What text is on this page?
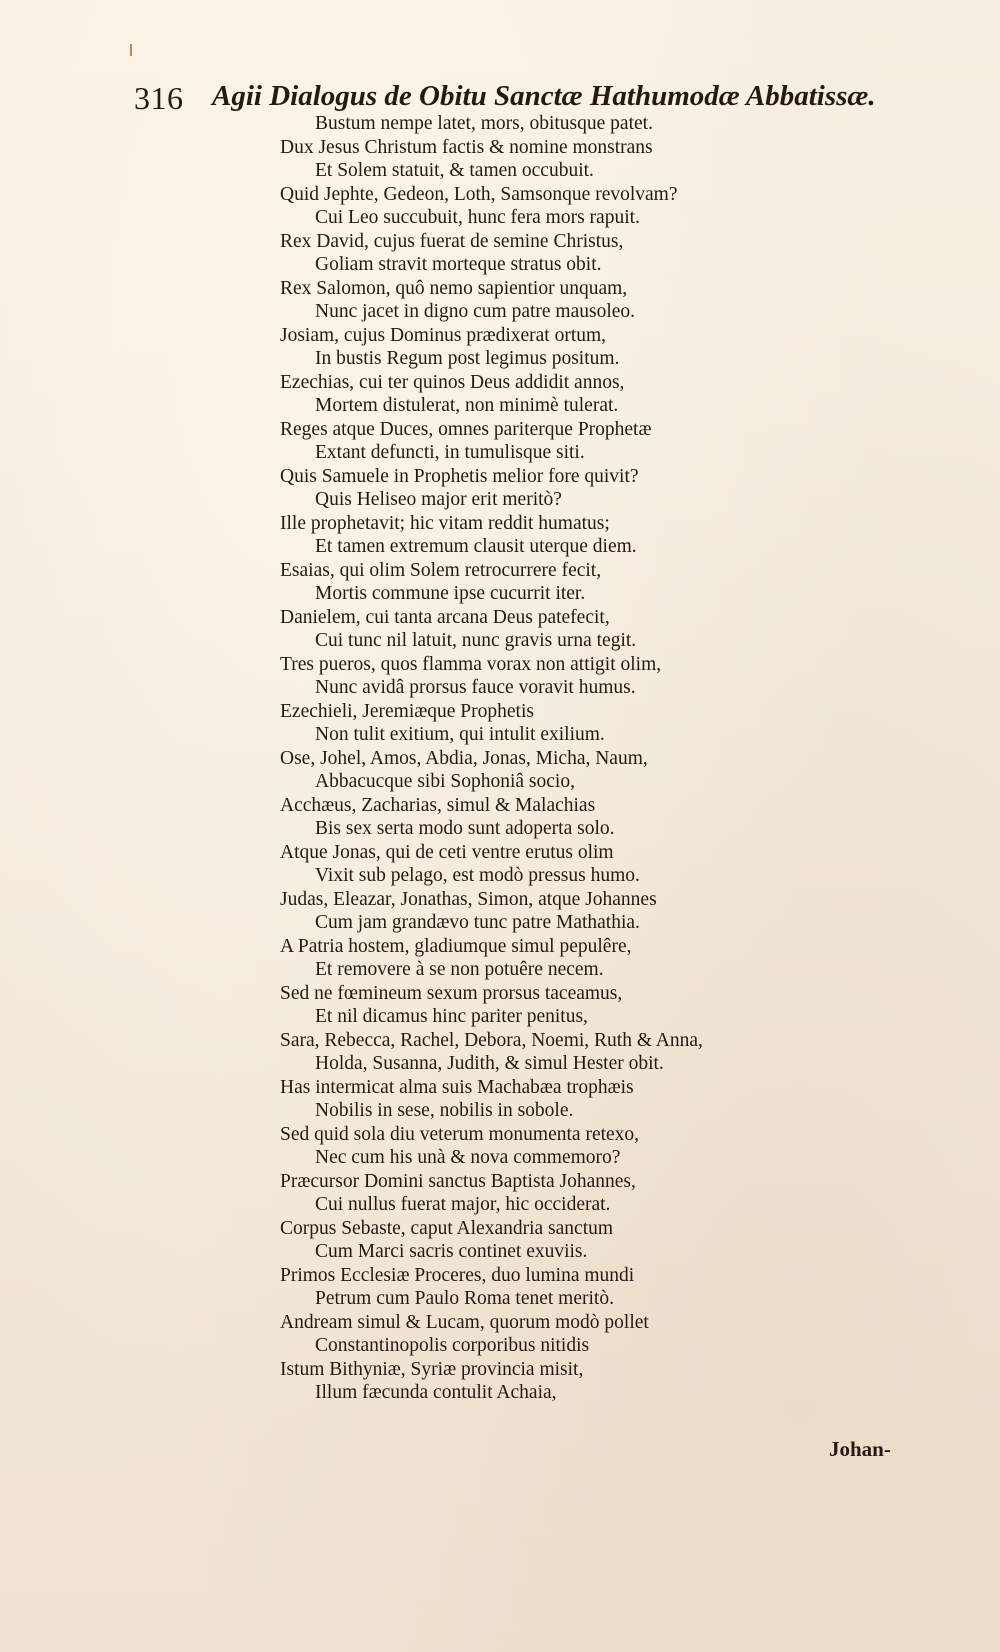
316 Agii Dialogus de Obitu Sanctæ Hathumodæ Abbatissæ.
Bustum nempe latet, mors, obitusque patet.
Dux Jesus Christum factis & nomine monstrans
Et Solem statuit, & tamen occubuit.
Quid Jephte, Gedeon, Loth, Samsonque revolvam?
Cui Leo succubuit, hunc fera mors rapuit.
Rex David, cujus fuerat de semine Christus,
Goliam stravit morteque stratus obit.
Rex Salomon, quô nemo sapientior unquam,
Nunc jacet in digno cum patre mausoleo.
Josiam, cujus Dominus prædixerat ortum,
In bustis Regum post legimus positum.
Ezechias, cui ter quinos Deus addidit annos,
Mortem distulerat, non minimè tulerat.
Reges atque Duces, omnes pariterque Prophetæ
Extant defuncti, in tumulisque siti.
Quis Samuele in Prophetis melior fore quivit?
Quis Heliseo major erit meritò?
Ille prophetavit; hic vitam reddit humatus;
Et tamen extremum clausit uterque diem.
Esaias, qui olim Solem retrocurrere fecit,
Mortis commune ipse cucurrit iter.
Danielem, cui tanta arcana Deus patefecit,
Cui tunc nil latuit, nunc gravis urna tegit.
Tres pueros, quos flamma vorax non attigit olim,
Nunc avidâ prorsus fauce voravit humus.
Ezechieli, Jeremiæque Prophetis
Non tulit exitium, qui intulit exilium.
Ose, Johel, Amos, Abdia, Jonas, Micha, Naum,
Abbacucque sibi Sophoniâ socio,
Acchæus, Zacharias, simul & Malachias
Bis sex serta modo sunt adoperta solo.
Atque Jonas, qui de ceti ventre erutus olim
Vixit sub pelago, est modò pressus humo.
Judas, Eleazar, Jonathas, Simon, atque Johannes
Cum jam grandævo tunc patre Mathathia.
A Patria hostem, gladiumque simul pepulêre,
Et removere à se non potuêre necem.
Sed ne fœmineum sexum prorsus taceamus,
Et nil dicamus hinc pariter penitus,
Sara, Rebecca, Rachel, Debora, Noemi, Ruth & Anna,
Holda, Susanna, Judith, & simul Hester obit.
Has intermicat alma suis Machabæa trophæis
Nobilis in sese, nobilis in sobole.
Sed quid sola diu veterum monumenta retexo,
Nec cum his unà & nova commemoro?
Præcursor Domini sanctus Baptista Johannes,
Cui nullus fuerat major, hic occiderat.
Corpus Sebaste, caput Alexandria sanctum
Cum Marci sacris continet exuviis.
Primos Ecclesiæ Proceres, duo lumina mundi
Petrum cum Paulo Roma tenet meritò.
Andream simul & Lucam, quorum modò pollet
Constantinopolis corporibus nitidis
Istum Bithyniæ, Syriæ provincia misit,
Illum fæcunda contulit Achaia,
Johan-
